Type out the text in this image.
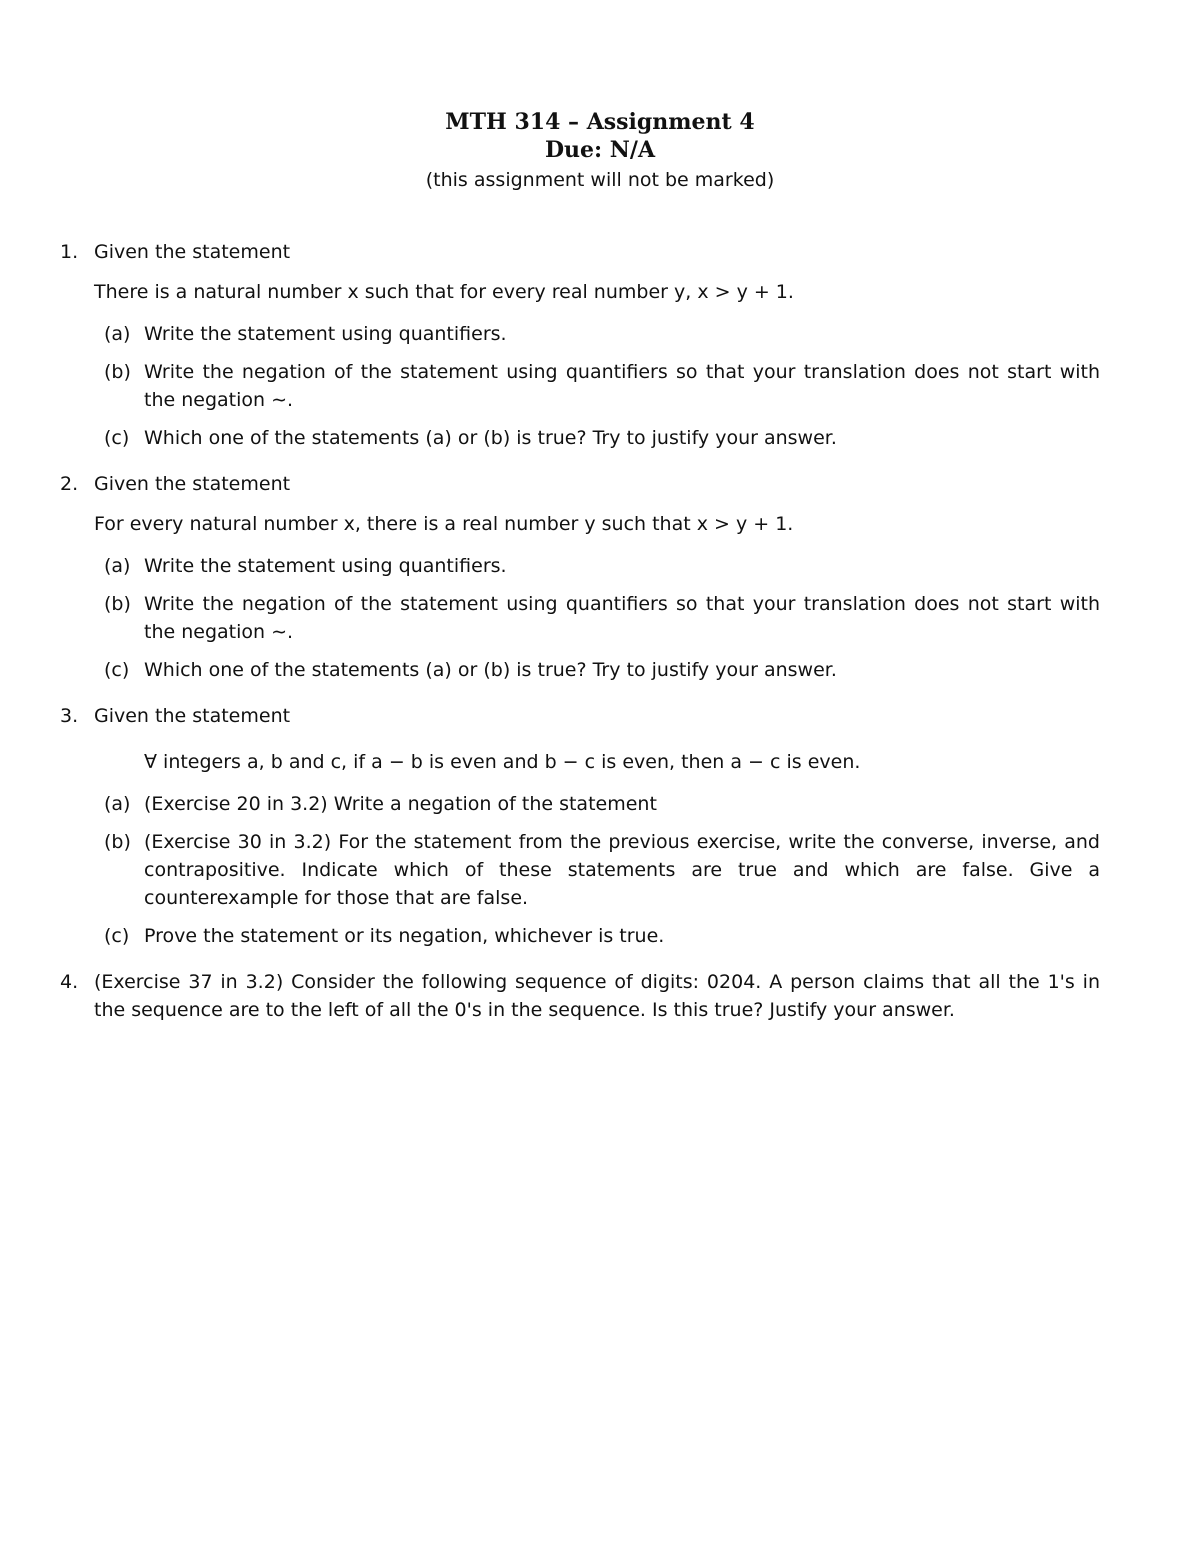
MTH 314 – Assignment 4
Due: N/A
(this assignment will not be marked)
1. Given the statement
There is a natural number x such that for every real number y, x > y + 1.
(a) Write the statement using quantifiers.
(b) Write the negation of the statement using quantifiers so that your translation does not start with the negation ∼.
(c) Which one of the statements (a) or (b) is true? Try to justify your answer.
2. Given the statement
For every natural number x, there is a real number y such that x > y + 1.
(a) Write the statement using quantifiers.
(b) Write the negation of the statement using quantifiers so that your translation does not start with the negation ∼.
(c) Which one of the statements (a) or (b) is true? Try to justify your answer.
3. Given the statement
∀ integers a, b and c, if a − b is even and b − c is even, then a − c is even.
(a) (Exercise 20 in 3.2) Write a negation of the statement
(b) (Exercise 30 in 3.2) For the statement from the previous exercise, write the converse, inverse, and contrapositive. Indicate which of these statements are true and which are false. Give a counterexample for those that are false.
(c) Prove the statement or its negation, whichever is true.
4. (Exercise 37 in 3.2) Consider the following sequence of digits: 0204. A person claims that all the 1's in the sequence are to the left of all the 0's in the sequence. Is this true? Justify your answer.
